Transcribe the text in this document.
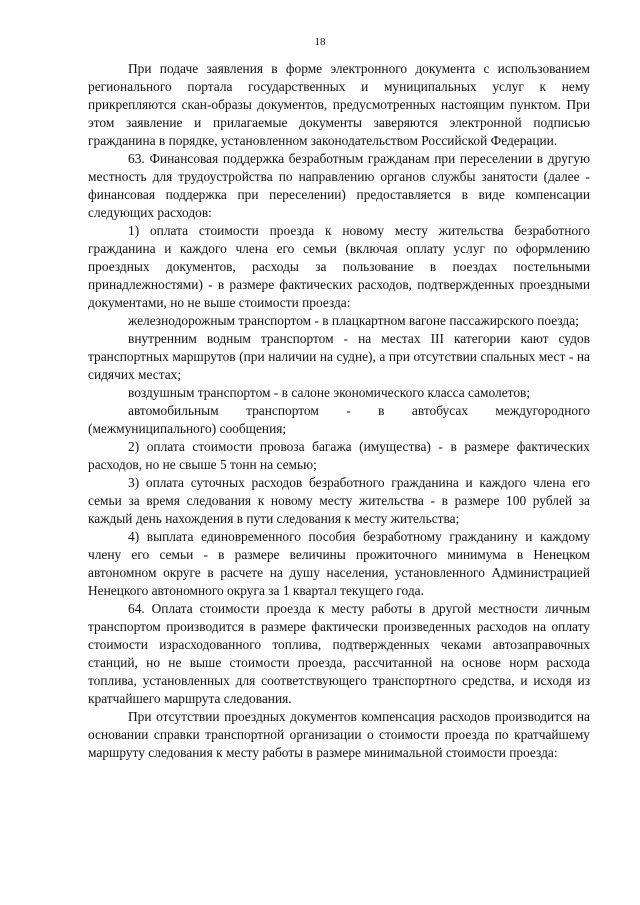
18

При подаче заявления в форме электронного документа с использованием регионального портала государственных и муниципальных услуг к нему прикрепляются скан-образы документов, предусмотренных настоящим пунктом. При этом заявление и прилагаемые документы заверяются электронной подписью гражданина в порядке, установленном законодательством Российской Федерации.

63. Финансовая поддержка безработным гражданам при переселении в другую местность для трудоустройства по направлению органов службы занятости (далее - финансовая поддержка при переселении) предоставляется в виде компенсации следующих расходов:

1) оплата стоимости проезда к новому месту жительства безработного гражданина и каждого члена его семьи (включая оплату услуг по оформлению проездных документов, расходы за пользование в поездах постельными принадлежностями) - в размере фактических расходов, подтвержденных проездными документами, но не выше стоимости проезда:

железнодорожным транспортом - в плацкартном вагоне пассажирского поезда;

внутренним водным транспортом - на местах III категории кают судов транспортных маршрутов (при наличии на судне), а при отсутствии спальных мест - на сидячих местах;

воздушным транспортом - в салоне экономического класса самолетов;

автомобильным транспортом - в автобусах междугородного (межмуниципального) сообщения;

2) оплата стоимости провоза багажа (имущества) - в размере фактических расходов, но не свыше 5 тонн на семью;

3) оплата суточных расходов безработного гражданина и каждого члена его семьи за время следования к новому месту жительства - в размере 100 рублей за каждый день нахождения в пути следования к месту жительства;

4) выплата единовременного пособия безработному гражданину и каждому члену его семьи - в размере величины прожиточного минимума в Ненецком автономном округе в расчете на душу населения, установленного Администрацией Ненецкого автономного округа за 1 квартал текущего года.

64. Оплата стоимости проезда к месту работы в другой местности личным транспортом производится в размере фактически произведенных расходов на оплату стоимости израсходованного топлива, подтвержденных чеками автозаправочных станций, но не выше стоимости проезда, рассчитанной на основе норм расхода топлива, установленных для соответствующего транспортного средства, и исходя из кратчайшего маршрута следования.

При отсутствии проездных документов компенсация расходов производится на основании справки транспортной организации о стоимости проезда по кратчайшему маршруту следования к месту работы в размере минимальной стоимости проезда:
